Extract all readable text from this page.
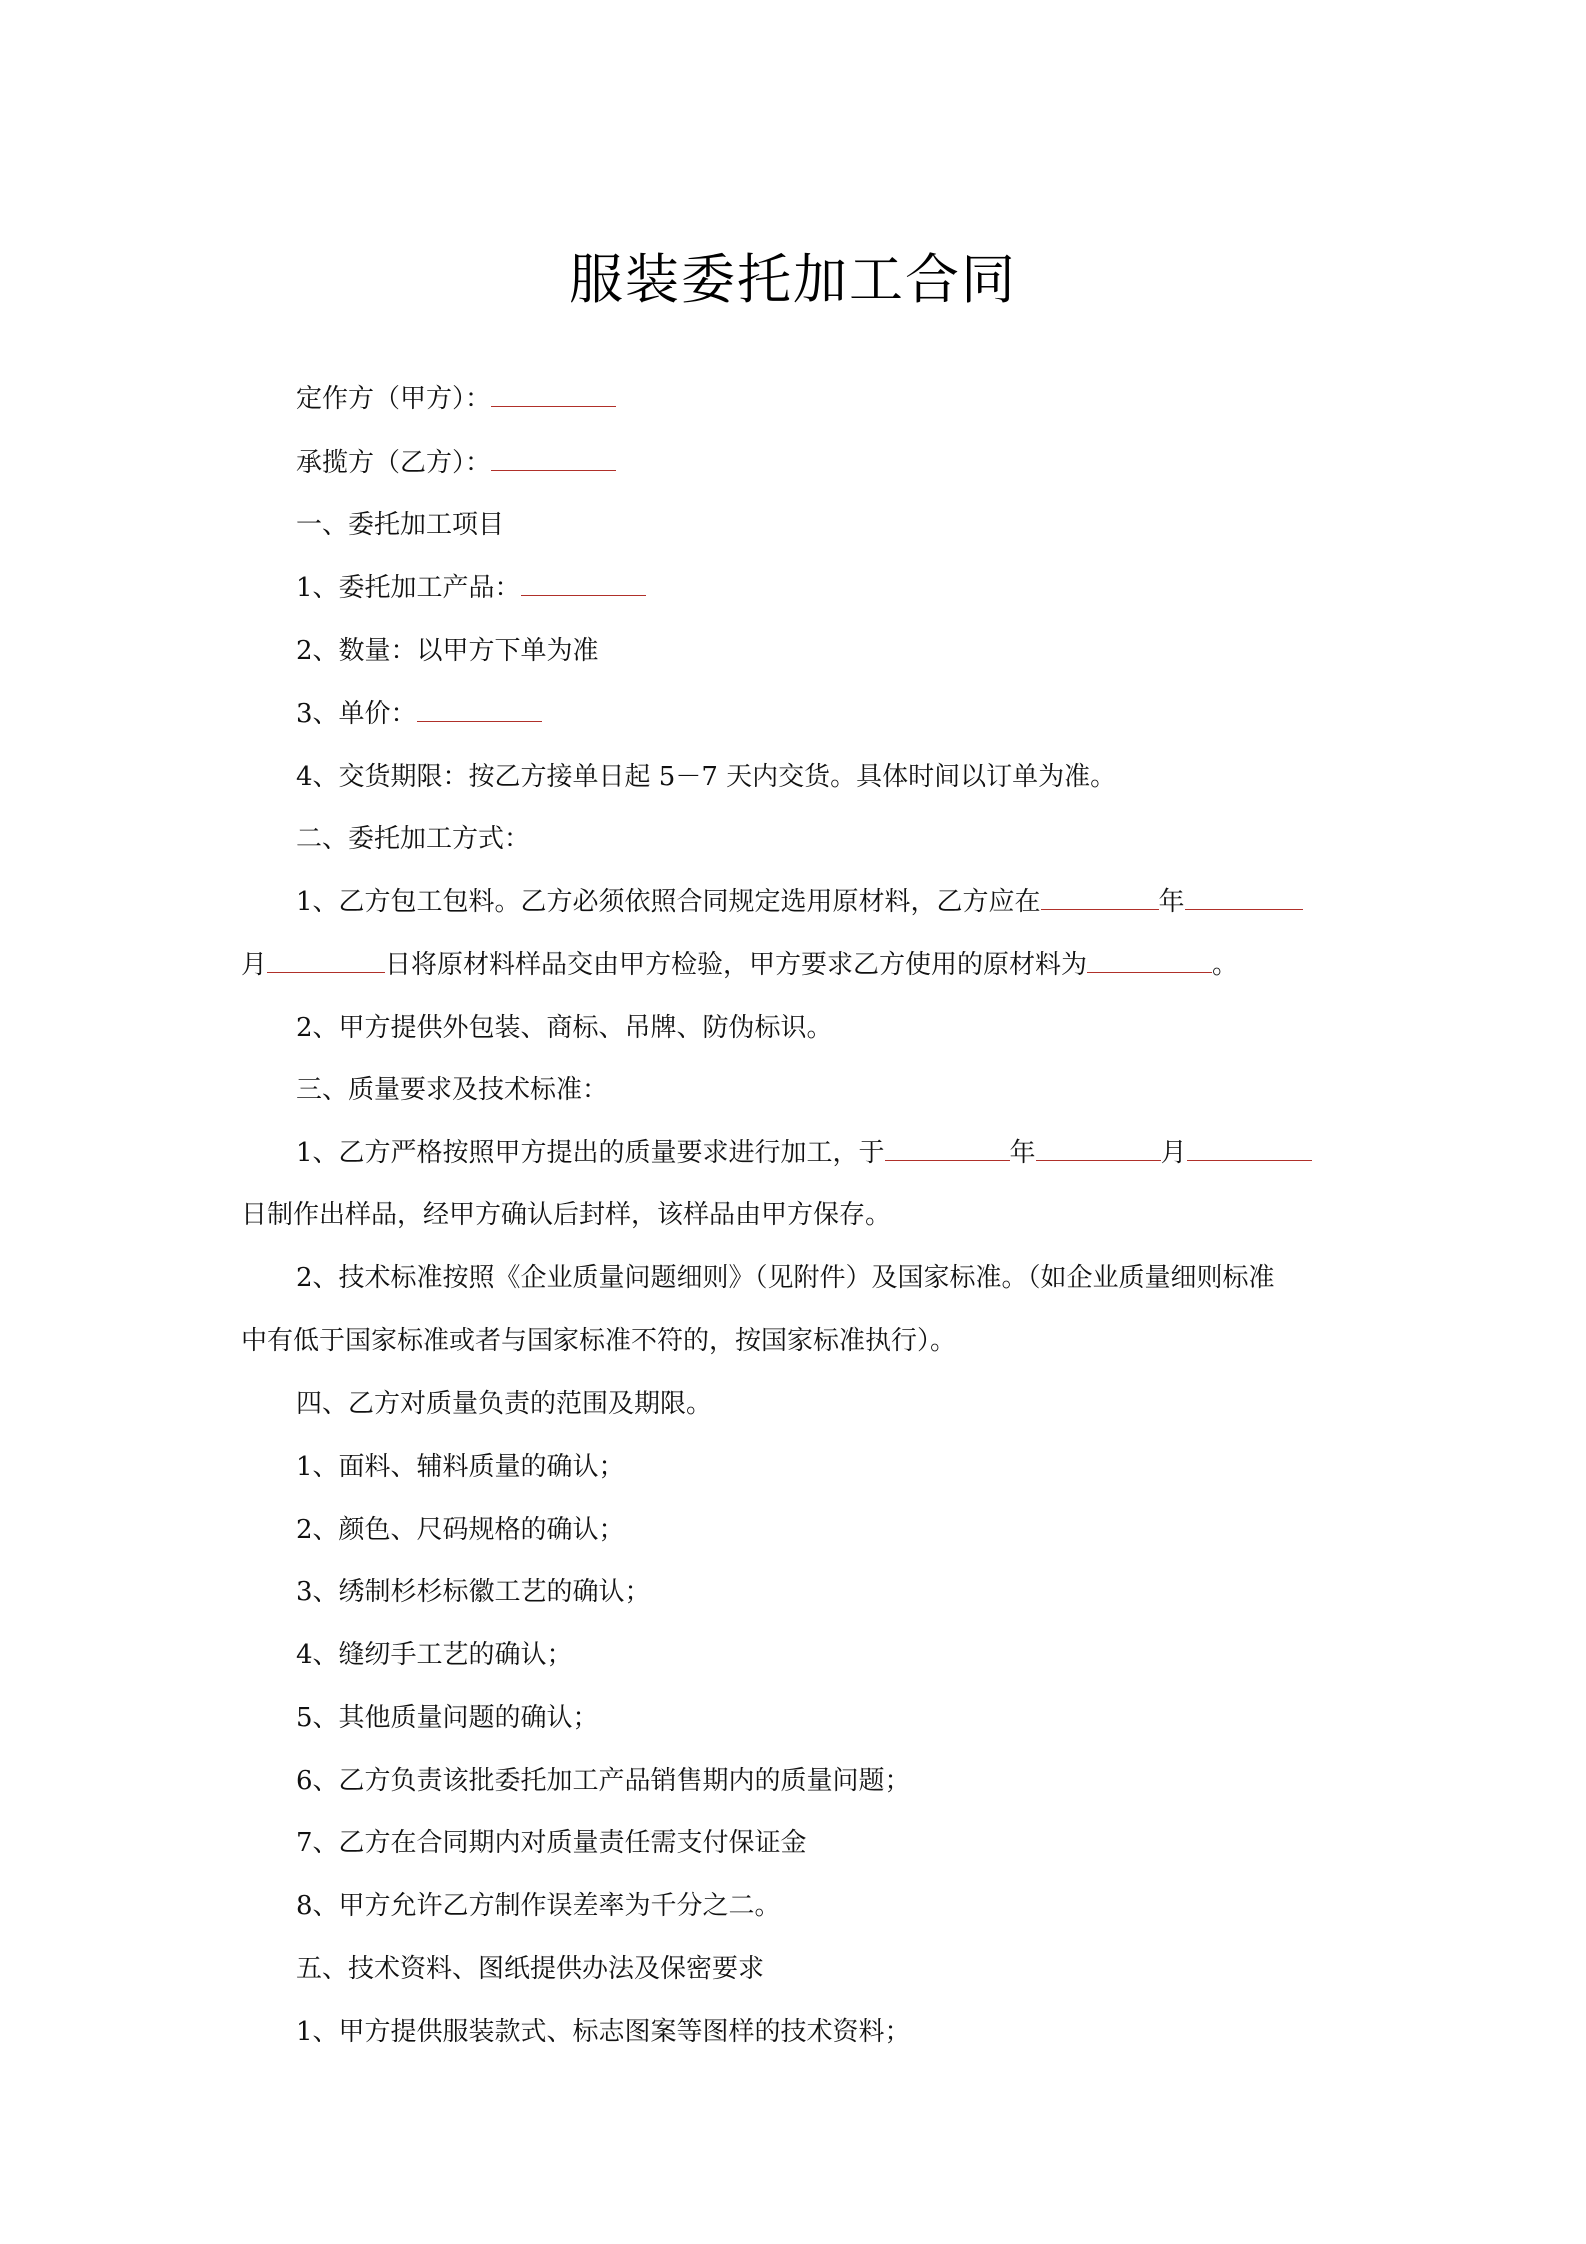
服装委托加工合同
定作方（甲方）：
承揽方（乙方）：
一、委托加工项目
1、委托加工产品：
2、数量：以甲方下单为准
3、单价：
4、交货期限：按乙方接单日起 5－7 天内交货。具体时间以订单为准。
二、委托加工方式：
1、乙方包工包料。乙方必须依照合同规定选用原材料，乙方应在	年
月	日将原材料样品交由甲方检验，甲方要求乙方使用的原材料为	。
2、甲方提供外包装、商标、吊牌、防伪标识。
三、质量要求及技术标准：
1、乙方严格按照甲方提出的质量要求进行加工，于	年	月
日制作出样品，经甲方确认后封样，该样品由甲方保存。
2、技术标准按照《企业质量问题细则》（见附件）及国家标准。（如企业质量细则标准
中有低于国家标准或者与国家标准不符的，按国家标准执行）。
四、乙方对质量负责的范围及期限。
1、面料、辅料质量的确认；
2、颜色、尺码规格的确认；
3、绣制杉杉标徽工艺的确认；
4、缝纫手工艺的确认；
5、其他质量问题的确认；
6、乙方负责该批委托加工产品销售期内的质量问题；
7、乙方在合同期内对质量责任需支付保证金
8、甲方允许乙方制作误差率为千分之二。
五、技术资料、图纸提供办法及保密要求
1、甲方提供服装款式、标志图案等图样的技术资料；
